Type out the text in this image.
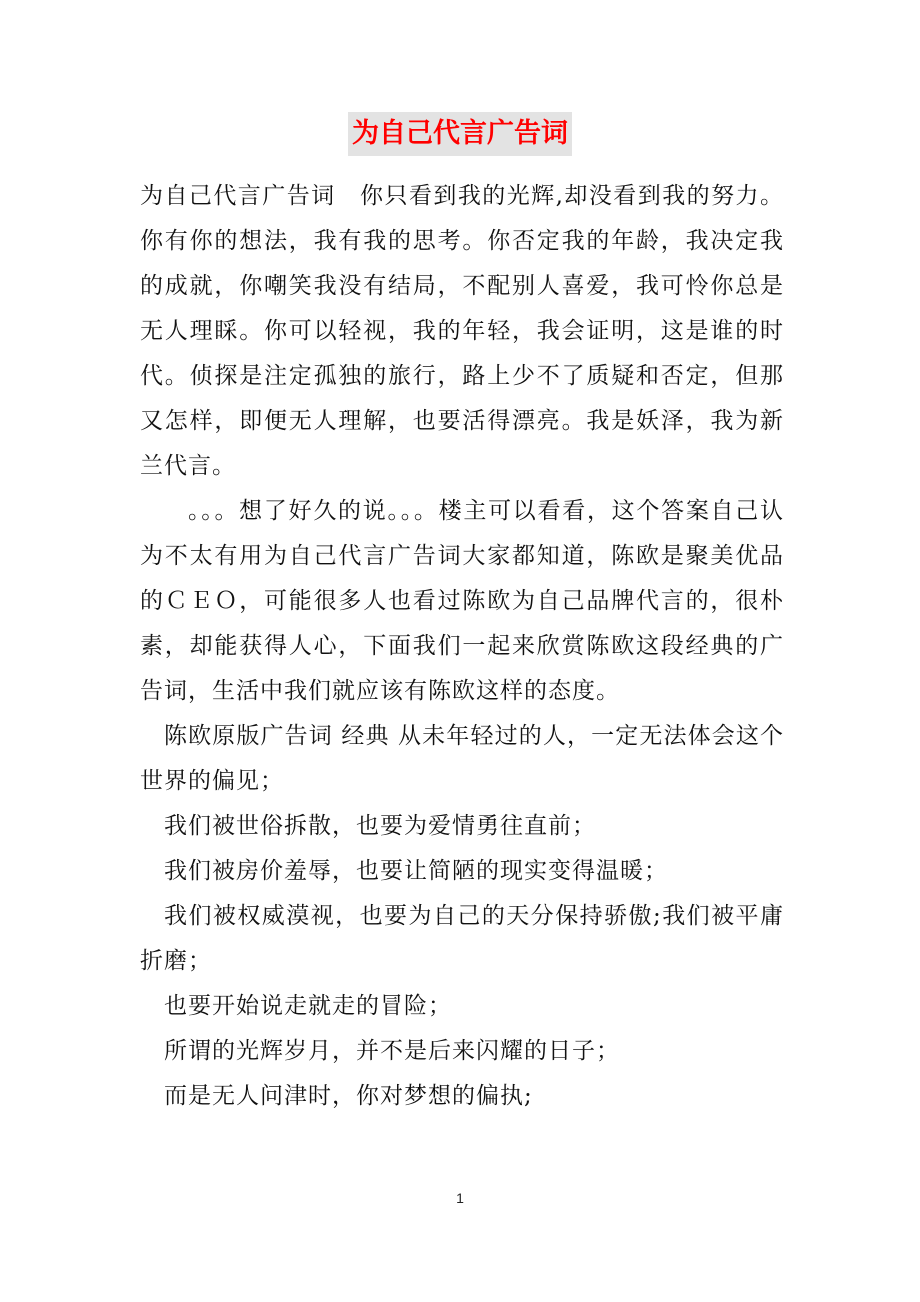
为自己代言广告词

为自己代言广告词　你只看到我的光辉,却没看到我的努力。你有你的想法，我有我的思考。你否定我的年龄，我决定我的成就，你嘲笑我没有结局，不配别人喜爱，我可怜你总是无人理睬。你可以轻视，我的年轻，我会证明，这是谁的时代。侦探是注定孤独的旅行，路上少不了质疑和否定，但那又怎样，即便无人理解，也要活得漂亮。我是妖泽，我为新兰代言。

。。。想了好久的说。。。楼主可以看看，这个答案自己认为不太有用为自己代言广告词大家都知道，陈欧是聚美优品的ＣＥＯ，可能很多人也看过陈欧为自己品牌代言的，很朴素，却能获得人心，下面我们一起来欣赏陈欧这段经典的广告词，生活中我们就应该有陈欧这样的态度。

陈欧原版广告词 经典 从未年轻过的人，一定无法体会这个世界的偏见；

我们被世俗拆散，也要为爱情勇往直前；

我们被房价羞辱，也要让简陋的现实变得温暖；

我们被权威漠视，也要为自己的天分保持骄傲;我们被平庸折磨；

也要开始说走就走的冒险；

所谓的光辉岁月，并不是后来闪耀的日子；

而是无人问津时，你对梦想的偏执;

1
